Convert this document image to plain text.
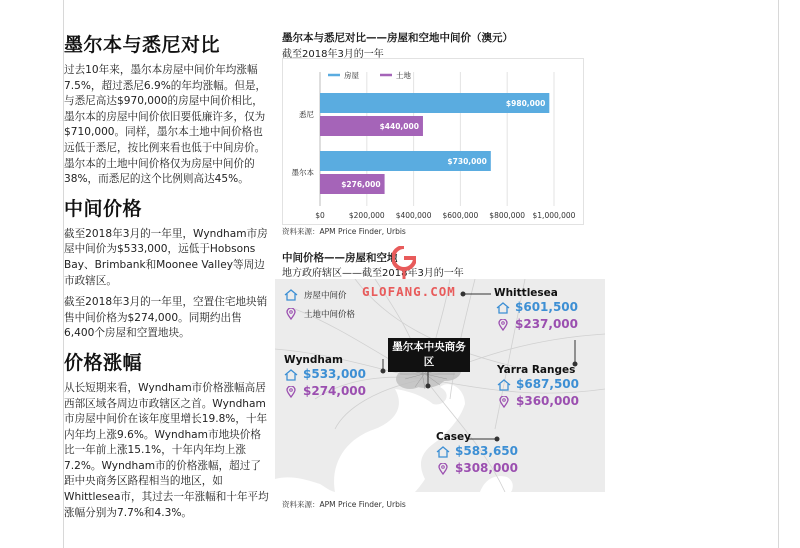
墨尔本与悉尼对比

过去10年来，墨尔本房屋中间价年均涨幅7.5%，超过悉尼6.9%的年均涨幅。但是，与悉尼高达$970,000的房屋中间价相比，墨尔本的房屋中间价依旧要低廉许多，仅为$710,000。同样，墨尔本土地中间价格也远低于悉尼，按比例来看也低于中间房价。墨尔本的土地中间价格仅为房屋中间价的38%，而悉尼的这个比例则高达45%。

中间价格

截至2018年3月的一年里，Wyndham市房屋中间价为$533,000，远低于Hobsons Bay、Brimbank和Moonee Valley等周边市政辖区。

截至2018年3月的一年里，空置住宅地块销售中间价格为$274,000。同期约出售6,400个房屋和空置地块。

价格涨幅

从长短期来看，Wyndham市价格涨幅高居西部区域各周边市政辖区之首。Wyndham市房屋中间价在该年度里增长19.8%，十年内年均上涨9.6%。Wyndham市地块价格比一年前上涨15.1%，十年内年均上涨7.2%。Wyndham市的价格涨幅，超过了距中央商务区路程相当的地区，如Whittlesea市，其过去一年涨幅和十年平均涨幅分别为7.7%和4.3%。

墨尔本与悉尼对比——房屋和空地中间价（澳元）
截至2018年3月的一年
$0	$200,000 $400,000 $600,000 $800,000 $1,000,000
房屋	土地
悉尼
$980,000
$440,000
墨尔本
$730,000
$276,000
资料来源：APM Price Finder, Urbis
中间价格——房屋和空地
地方政府辖区——截至2018年3月的一年
房屋中间价
土地中间价格
墨尔本中央商务区
Whittlesea
$601,500
$237,000
Wyndham
$533,000
$274,000
Yarra Ranges
$687,500
$360,000
Casey
$583,650
$308,000
资料来源：APM Price Finder, Urbis
GLOFANG.COM
